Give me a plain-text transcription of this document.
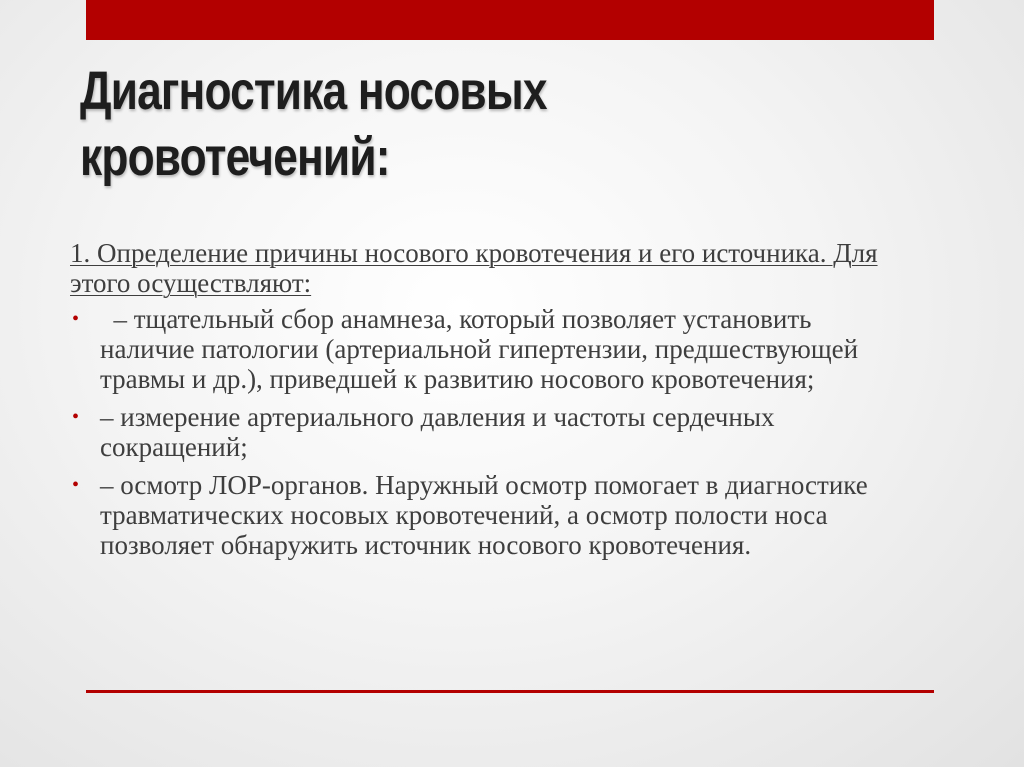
Диагностика носовых
кровотечений:

1. Определение причины носового кровотечения и его источника. Для этого осуществляют:

• – тщательный сбор анамнеза, который позволяет установить наличие патологии (артериальной гипертензии, предшествующей травмы и др.), приведшей к развитию носового кровотечения;
• – измерение артериального давления и частоты сердечных сокращений;
• – осмотр ЛОР-органов. Наружный осмотр помогает в диагностике травматических носовых кровотечений, а осмотр полости носа позволяет обнаружить источник носового кровотечения.
